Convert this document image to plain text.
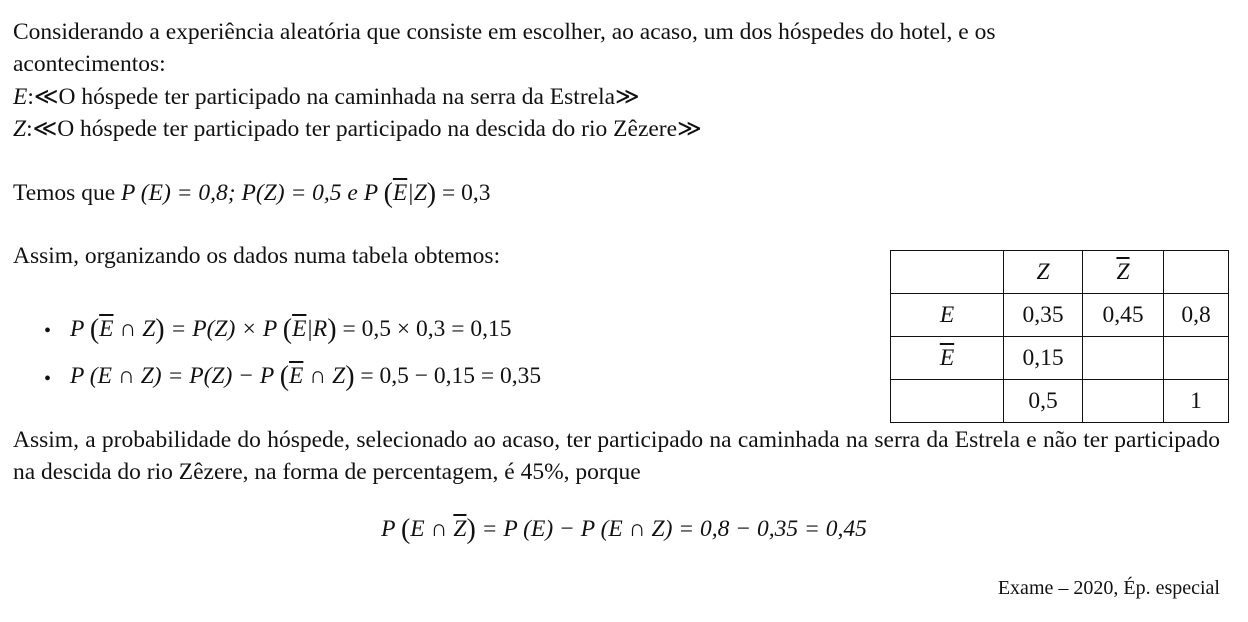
Considerando a experiência aleatória que consiste em escolher, ao acaso, um dos hóspedes do hotel, e os
acontecimentos:
E:≪O hóspede ter participado na caminhada na serra da Estrela≫
Z:≪O hóspede ter participado ter participado na descida do rio Zêzere≫
Temos que P (E) = 0,8; P(Z) = 0,5 e P $(\overline{E}|Z) = 0,3$
Assim, organizando os dados numa tabela obtemos:
• P ($\overline{E}$ ∩ Z) = P(Z) × P $(\overline{E}|R) = 0,5 \times 0,3 = 0,15$
• P (E ∩ Z) = P(Z) − P ($\overline{E}$ ∩ Z) = 0,5 − 0,15 = 0,35
	Z	$\overline{Z}$	
E	0,35	0,45	0,8
$\overline{E}$	0,15		
	0,5		1
Assim, a probabilidade do hóspede, selecionado ao acaso, ter participado na caminhada na serra da Estrela e não ter participado na descida do rio Zêzere, na forma de percentagem, é 45%, porque
P (E ∩ $\overline{Z}) = P$ (E) − P (E ∩ Z) = 0,8 − 0,35 = 0,45
Exame – 2020, Ép. especial
